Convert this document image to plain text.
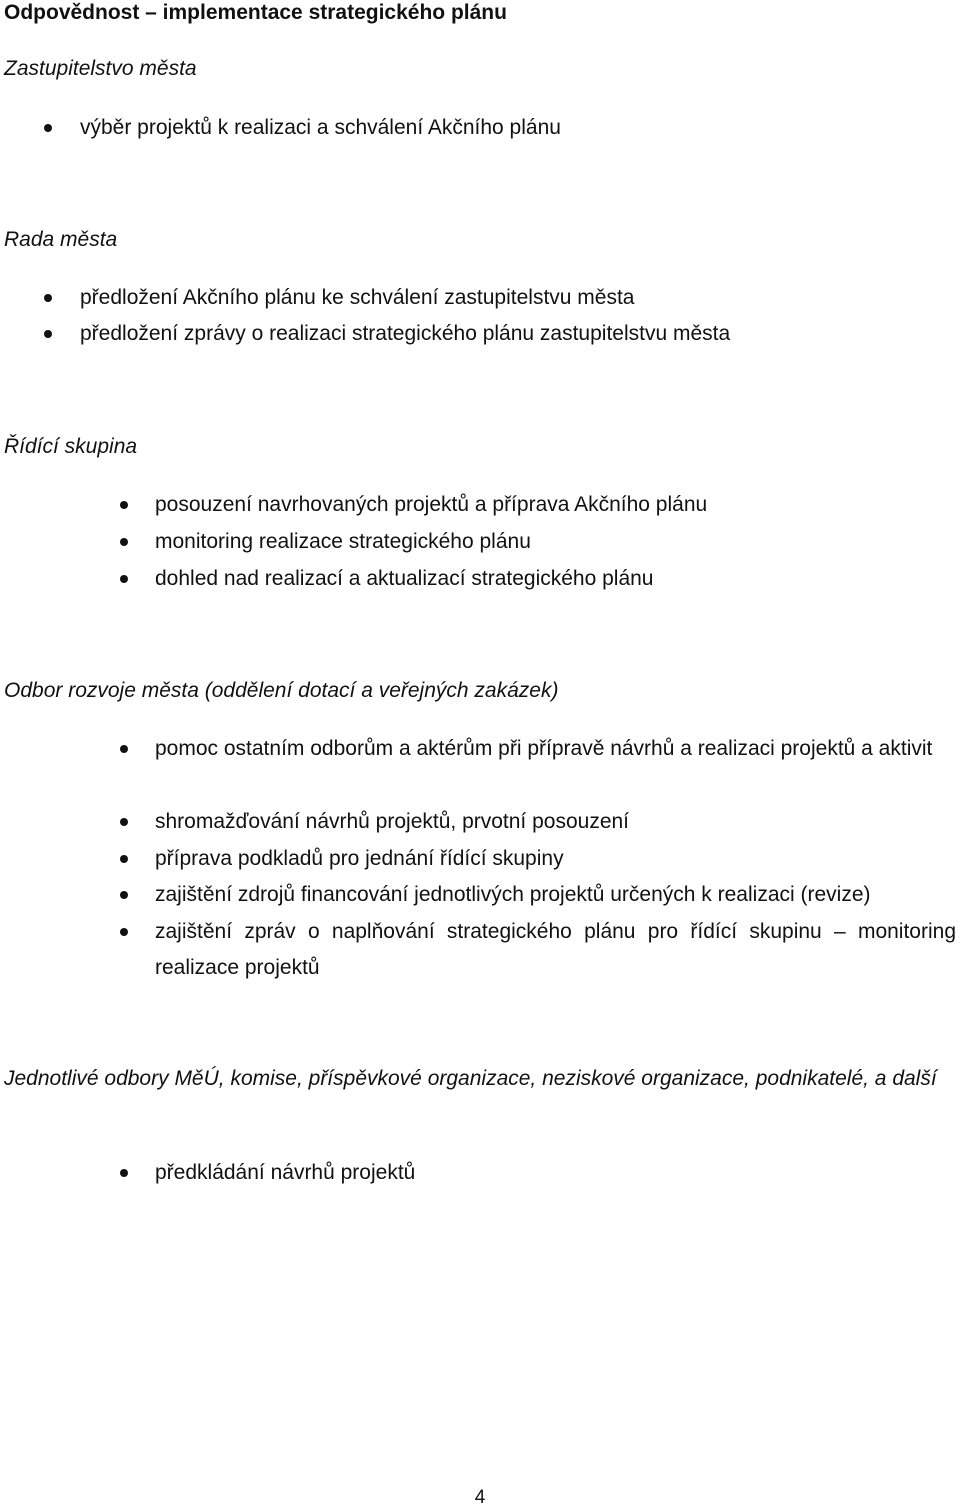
Odpovědnost – implementace strategického plánu
Zastupitelstvo města
výběr projektů k realizaci a schválení Akčního plánu
Rada města
předložení Akčního plánu ke schválení zastupitelstvu města
předložení zprávy o realizaci strategického plánu zastupitelstvu města
Řídící skupina
posouzení navrhovaných projektů a příprava Akčního plánu
monitoring realizace strategického plánu
dohled nad realizací a aktualizací strategického plánu
Odbor rozvoje města (oddělení dotací a veřejných zakázek)
pomoc ostatním odborům a aktérům při přípravě návrhů a realizaci projektů a aktivit
shromažďování návrhů projektů, prvotní posouzení
příprava podkladů pro jednání řídící skupiny
zajištění zdrojů financování jednotlivých projektů určených k realizaci (revize)
zajištění zpráv o naplňování strategického plánu pro řídící skupinu – monitoring realizace projektů
Jednotlivé odbory MěÚ, komise, příspěvkové organizace, neziskové organizace, podnikatelé, a další
předkládání návrhů projektů
4
